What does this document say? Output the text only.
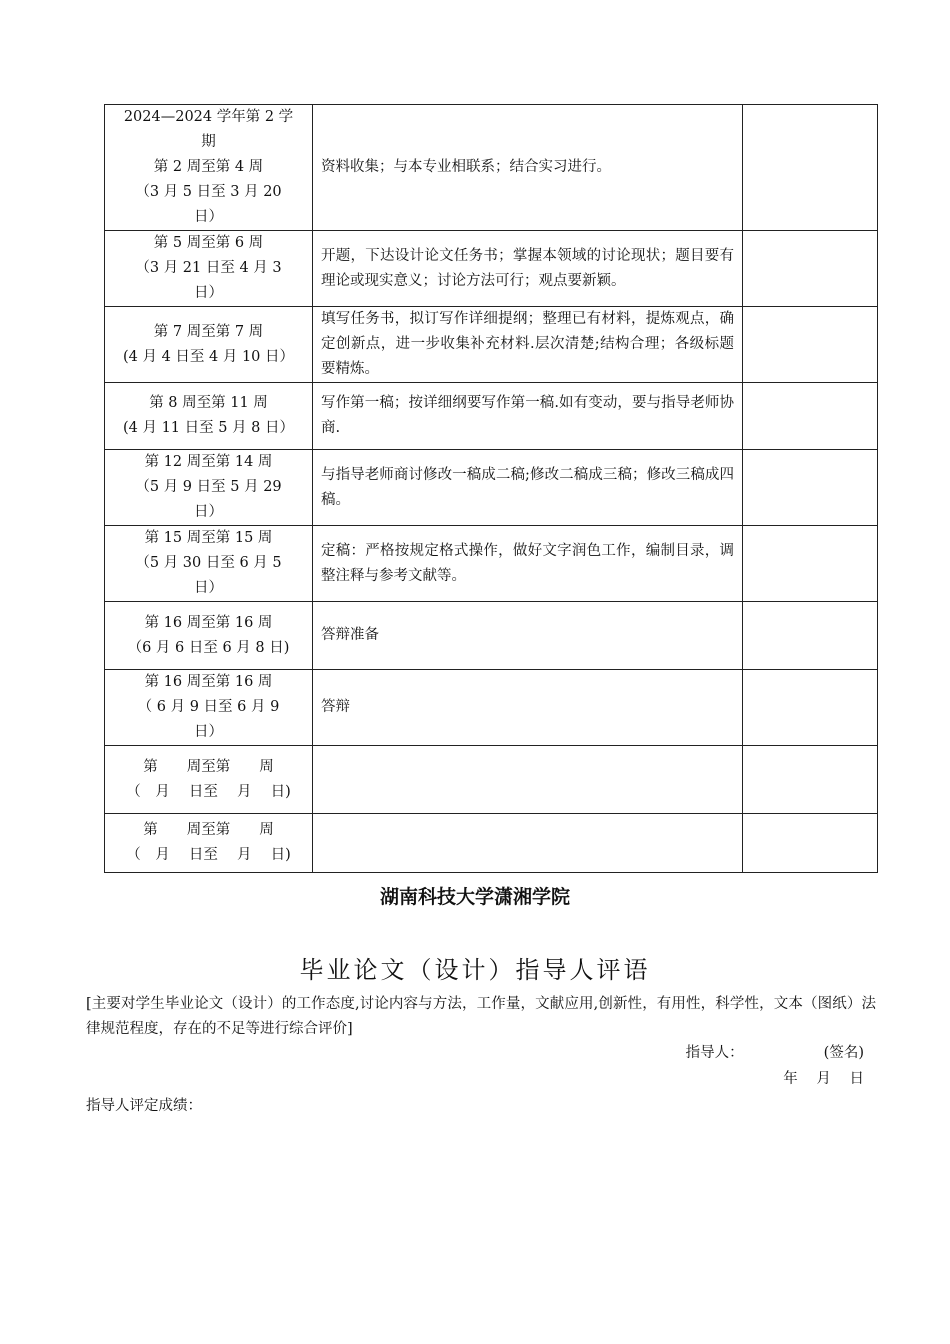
2024—2024 学年第 2 学
期
第 2 周至第 4 周
（3 月 5 日至 3 月 20
日）	资料收集；与本专业相联系；结合实习进行。	

第 5 周至第 6 周
（3 月 21 日至 4 月 3
日）	开题，下达设计论文任务书；掌握本领域的讨论现状；题目要有理论或现实意义；讨论方法可行；观点要新颖。	

第 7 周至第 7 周
(4 月 4 日至 4 月 10 日）	填写任务书，拟订写作详细提纲；整理已有材料，提炼观点，确定创新点，进一步收集补充材料.层次清楚;结构合理；各级标题要精炼。	

第 8 周至第 11 周
(4 月 11 日至 5 月 8 日）	写作第一稿；按详细纲要写作第一稿.如有变动，要与指导老师协商.	

第 12 周至第 14 周
（5 月 9 日至 5 月 29
日）	与指导老师商讨修改一稿成二稿;修改二稿成三稿；修改三稿成四稿。	

第 15 周至第 15 周
（5 月 30 日至 6 月 5
日）	定稿：严格按规定格式操作，做好文字润色工作，编制目录，调整注释与参考文献等。	

第 16 周至第 16 周
（6 月 6 日至 6 月 8 日)	答辩准备	

第 16 周至第 16 周
（ 6 月 9 日至 6 月 9
日）	答辩	

第　　周至第　　周
（　月　 日至　 月　 日)		

第　　周至第　　周
（　月　 日至　 月　 日)		

湖南科技大学潇湘学院
毕业论文（设计）指导人评语
[主要对学生毕业论文（设计）的工作态度,讨论内容与方法，工作量，文献应用,创新性，有用性，科学性，文本（图纸）法律规范程度，存在的不足等进行综合评价]
指导人：	(签名)
年 月 日
指导人评定成绩：
